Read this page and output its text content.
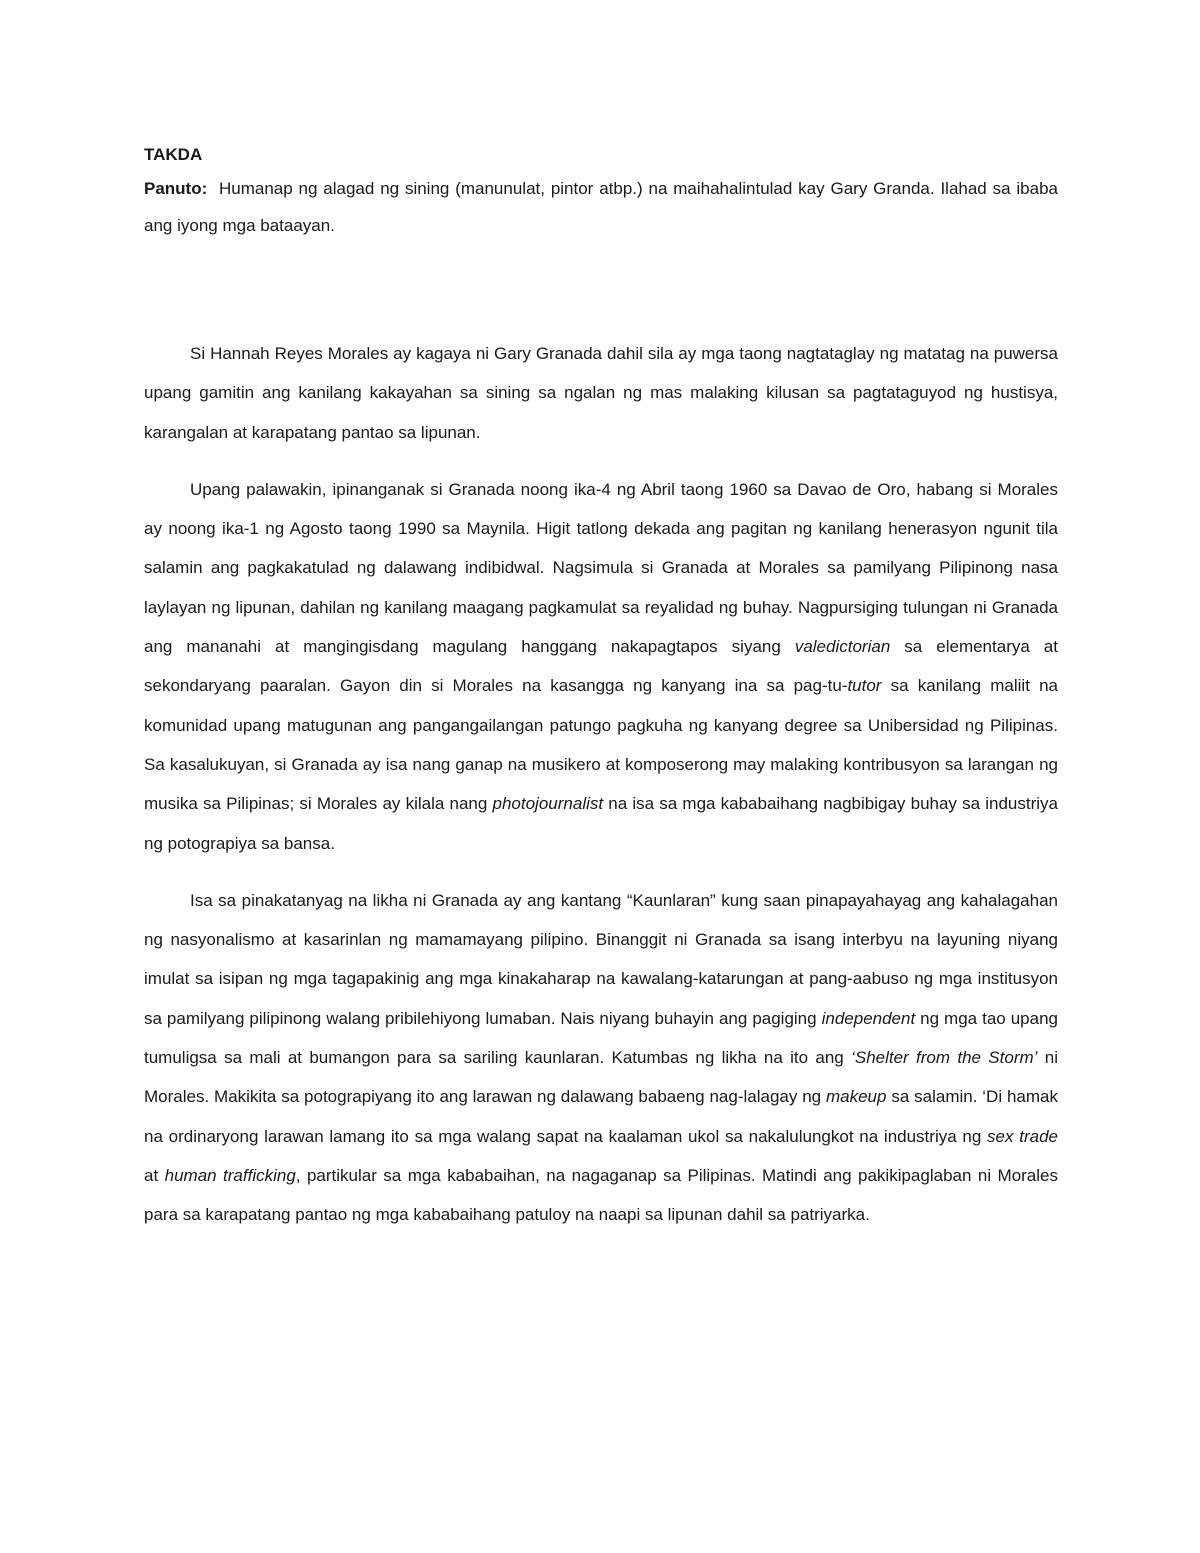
TAKDA

Panuto: Humanap ng alagad ng sining (manunulat, pintor atbp.) na maihahalintulad kay Gary Granda. Ilahad sa ibaba ang iyong mga bataayan.

Si Hannah Reyes Morales ay kagaya ni Gary Granada dahil sila ay mga taong nagtataglay ng matatag na puwersa upang gamitin ang kanilang kakayahan sa sining sa ngalan ng mas malaking kilusan sa pagtataguyod ng hustisya, karangalan at karapatang pantao sa lipunan.

Upang palawakin, ipinanganak si Granada noong ika-4 ng Abril taong 1960 sa Davao de Oro, habang si Morales ay noong ika-1 ng Agosto taong 1990 sa Maynila. Higit tatlong dekada ang pagitan ng kanilang henerasyon ngunit tila salamin ang pagkakatulad ng dalawang indibidwal. Nagsimula si Granada at Morales sa pamilyang Pilipinong nasa laylayan ng lipunan, dahilan ng kanilang maagang pagkamulat sa reyalidad ng buhay. Nagpursiging tulungan ni Granada ang mananahi at mangingisdang magulang hanggang nakapagtapos siyang valedictorian sa elementarya at sekondaryang paaralan. Gayon din si Morales na kasangga ng kanyang ina sa pag-tu-tutor sa kanilang maliit na komunidad upang matugunan ang pangangailangan patungo pagkuha ng kanyang degree sa Unibersidad ng Pilipinas. Sa kasalukuyan, si Granada ay isa nang ganap na musikero at komposerong may malaking kontribusyon sa larangan ng musika sa Pilipinas; si Morales ay kilala nang photojournalist na isa sa mga kababaihang nagbibigay buhay sa industriya ng potograpiya sa bansa.

Isa sa pinakatanyag na likha ni Granada ay ang kantang “Kaunlaran” kung saan pinapayahayag ang kahalagahan ng nasyonalismo at kasarinlan ng mamamayang pilipino. Binanggit ni Granada sa isang interbyu na layuning niyang imulat sa isipan ng mga tagapakinig ang mga kinakaharap na kawalang-katarungan at pang-aabuso ng mga institusyon sa pamilyang pilipinong walang pribilehiyong lumaban. Nais niyang buhayin ang pagiging independent ng mga tao upang tumuligsa sa mali at bumangon para sa sariling kaunlaran. Katumbas ng likha na ito ang ‘Shelter from the Storm’ ni Morales. Makikita sa potograpiyang ito ang larawan ng dalawang babaeng nag-lalagay ng makeup sa salamin. ‘Di hamak na ordinaryong larawan lamang ito sa mga walang sapat na kaalaman ukol sa nakalulungkot na industriya ng sex trade at human trafficking, partikular sa mga kababaihan, na nagaganap sa Pilipinas. Matindi ang pakikipaglaban ni Morales para sa karapatang pantao ng mga kababaihang patuloy na naapi sa lipunan dahil sa patriyarka.
